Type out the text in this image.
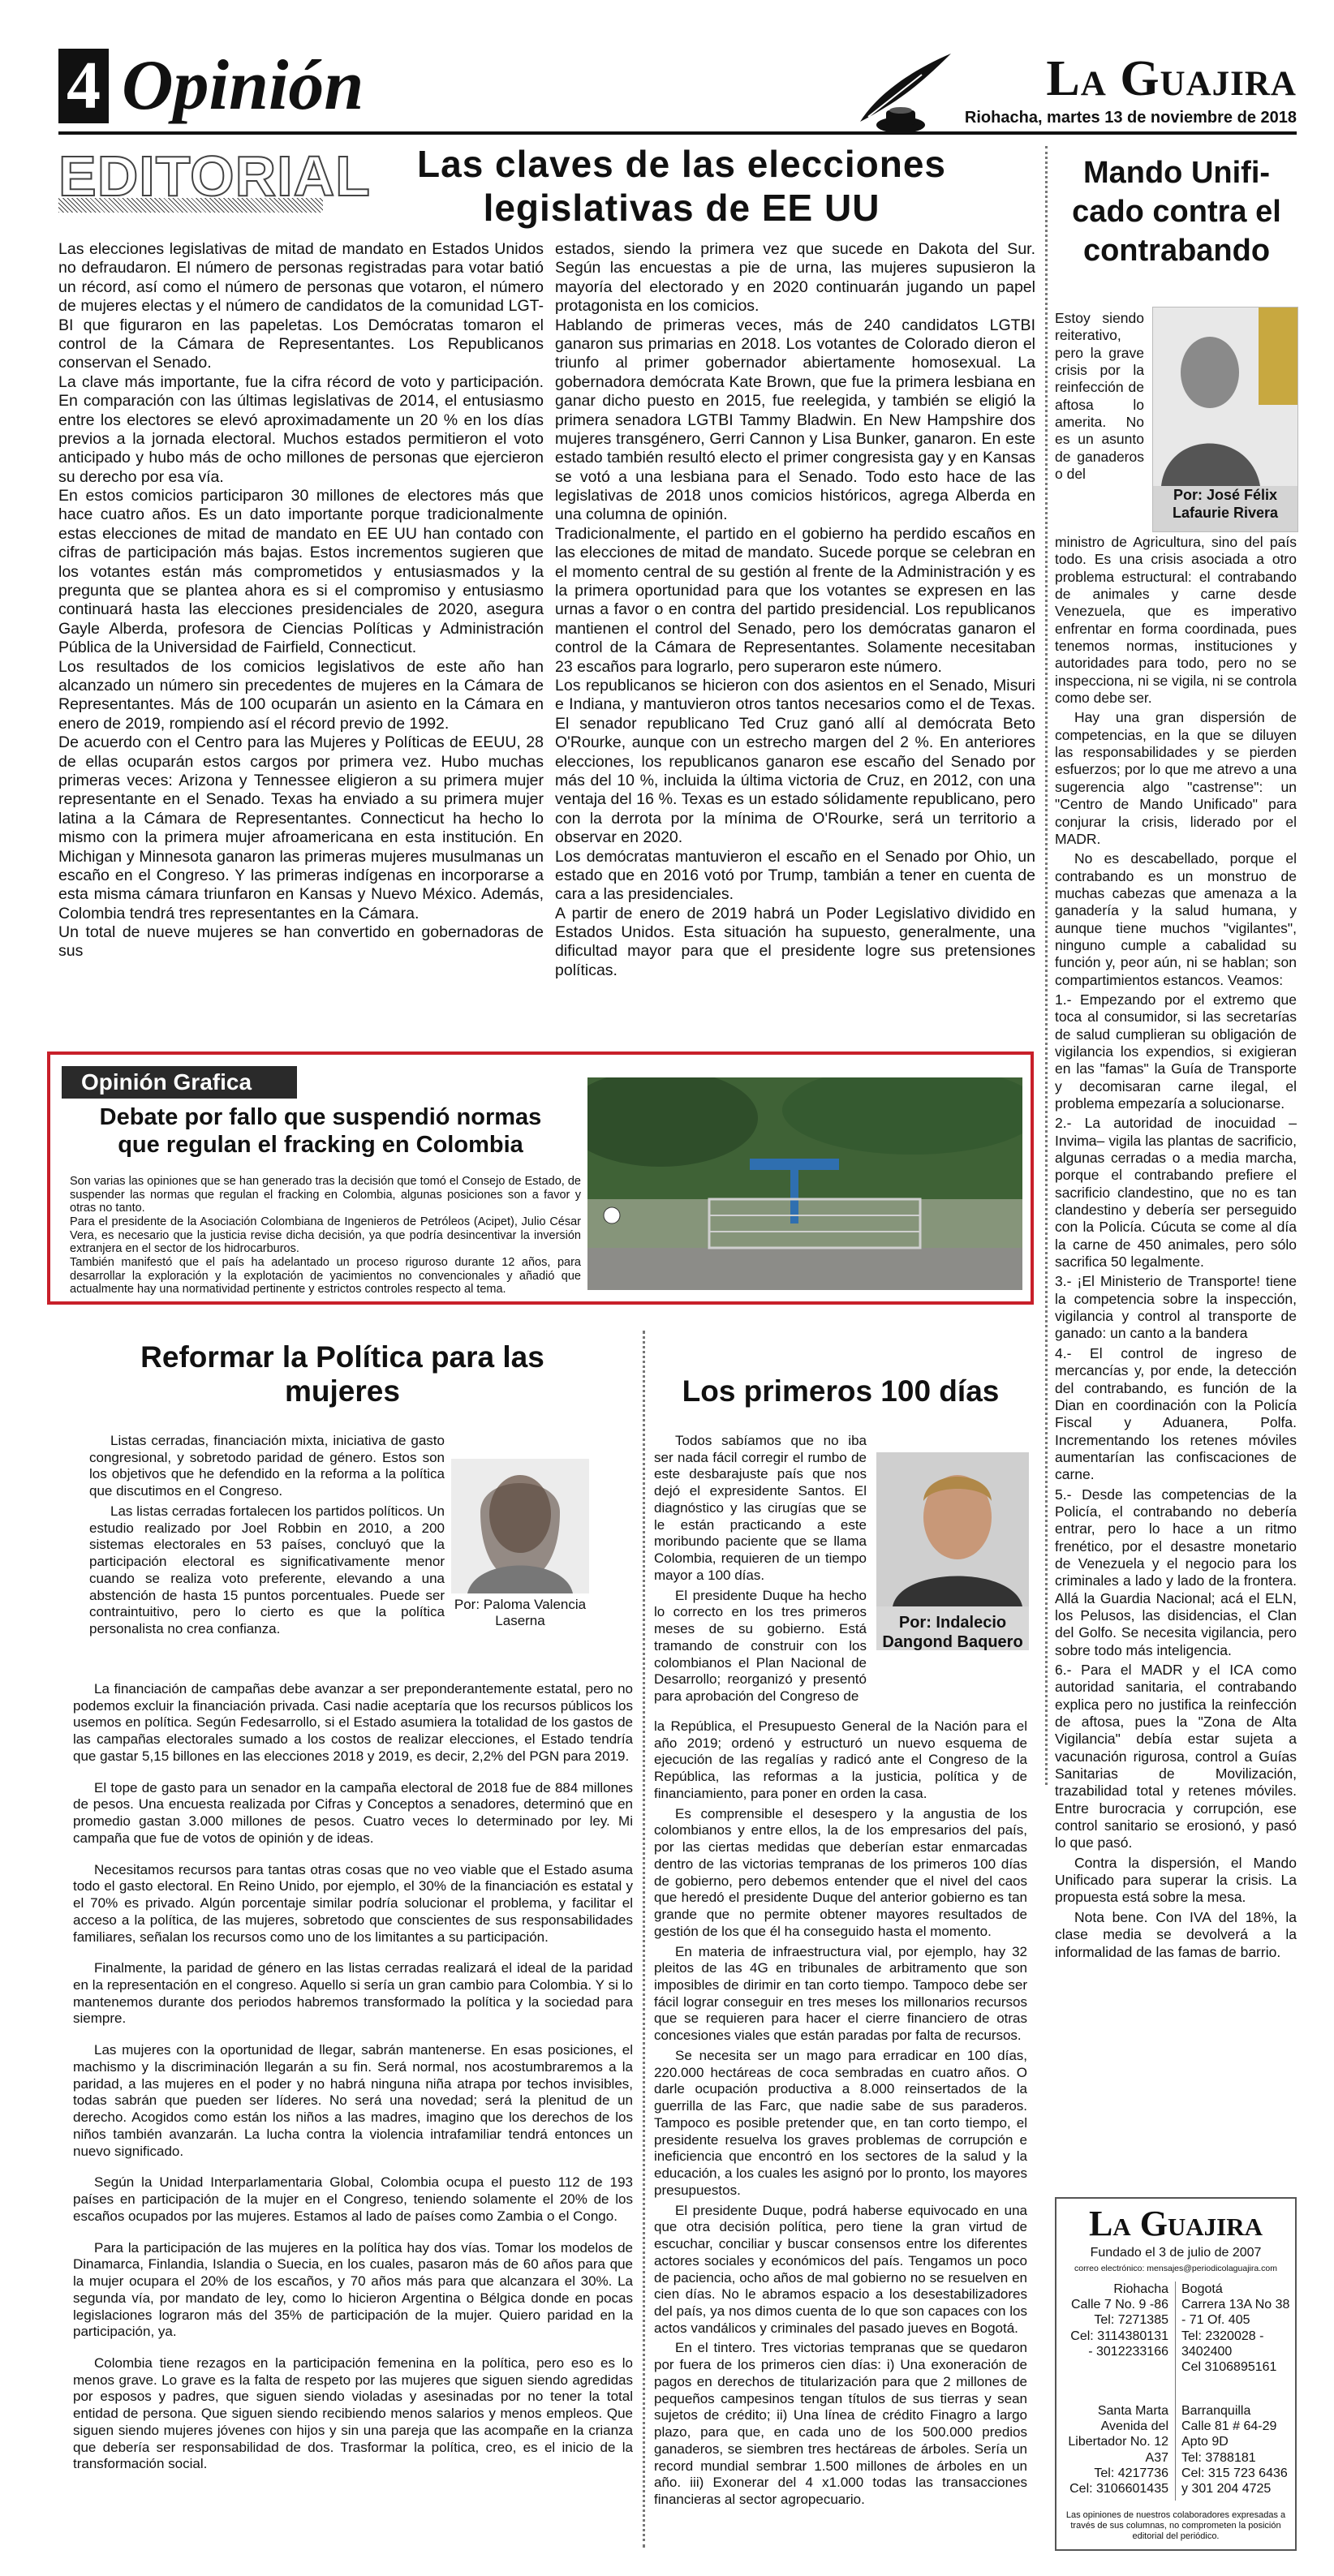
4 Opinión	La Guajira
Riohacha, martes 13 de noviembre de 2018
EDITORIAL	Las claves de las elecciones
legislativas de EE UU

Las elecciones legislativas de mitad de mandato en Estados Unidos no defraudaron. El número de personas registradas para votar batió un récord, así como el número de personas que votaron, el número de mujeres electas y el número de candidatos de la comunidad LGT-BI que figuraron en las papeletas. Los Demócratas tomaron el control de la Cámara de Representantes. Los Republicanos conservan el Senado.

La clave más importante, fue la cifra récord de voto y participación. En comparación con las últimas legislativas de 2014, el entusiasmo entre los electores se elevó aproximadamente un 20 % en los días previos a la jornada electoral. Muchos estados permitieron el voto anticipado y hubo más de ocho millones de personas que ejercieron su derecho por esa vía.

En estos comicios participaron 30 millones de electores más que hace cuatro años. Es un dato importante porque tradicionalmente estas elecciones de mitad de mandato en EE UU han contado con cifras de participación más bajas. Estos incrementos sugieren que los votantes están más comprometidos y entusiasmados y la pregunta que se plantea ahora es si el compromiso y entusiasmo continuará hasta las elecciones presidenciales de 2020, asegura Gayle Alberda, profesora de Ciencias Políticas y Administración Pública de la Universidad de Fairfield, Connecticut.

Los resultados de los comicios legislativos de este año han alcanzado un número sin precedentes de mujeres en la Cámara de Representantes. Más de 100 ocuparán un asiento en la Cámara en enero de 2019, rompiendo así el récord previo de 1992.

De acuerdo con el Centro para las Mujeres y Políticas de EEUU, 28 de ellas ocuparán estos cargos por primera vez. Hubo muchas primeras veces: Arizona y Tennessee eligieron a su primera mujer representante en el Senado. Texas ha enviado a su primera mujer latina a la Cámara de Representantes. Connecticut ha hecho lo mismo con la primera mujer afroamericana en esta institución. En Michigan y Minnesota ganaron las primeras mujeres musulmanas un escaño en el Congreso. Y las primeras indígenas en incorporarse a esta misma cámara triunfaron en Kansas y Nuevo México. Además, Colombia tendrá tres representantes en la Cámara.

Un total de nueve mujeres se han convertido en gobernadoras de sus

estados, siendo la primera vez que sucede en Dakota del Sur. Según las encuestas a pie de urna, las mujeres supusieron la mayoría del electorado y en 2020 continuarán jugando un papel protagonista en los comicios.

Hablando de primeras veces, más de 240 candidatos LGTBI ganaron sus primarias en 2018. Los votantes de Colorado dieron el triunfo al primer gobernador abiertamente homosexual. La gobernadora demócrata Kate Brown, que fue la primera lesbiana en ganar dicho puesto en 2015, fue reelegida, y también se eligió la primera senadora LGTBI Tammy Bladwin. En New Hampshire dos mujeres transgénero, Gerri Cannon y Lisa Bunker, ganaron. En este estado también resultó electo el primer congresista gay y en Kansas se votó a una lesbiana para el Senado. Todo esto hace de las legislativas de 2018 unos comicios históricos, agrega Alberda en una columna de opinión.

Tradicionalmente, el partido en el gobierno ha perdido escaños en las elecciones de mitad de mandato. Sucede porque se celebran en el momento central de su gestión al frente de la Administración y es la primera oportunidad para que los votantes se expresen en las urnas a favor o en contra del partido presidencial. Los republicanos mantienen el control del Senado, pero los demócratas ganaron el control de la Cámara de Representantes. Solamente necesitaban 23 escaños para lograrlo, pero superaron este número.

Los republicanos se hicieron con dos asientos en el Senado, Misuri e Indiana, y mantuvieron otros tantos necesarios como el de Texas. El senador republicano Ted Cruz ganó allí al demócrata Beto O'Rourke, aunque con un estrecho margen del 2 %. En anteriores elecciones, los republicanos ganaron ese escaño del Senado por más del 10 %, incluida la última victoria de Cruz, en 2012, con una ventaja del 16 %. Texas es un estado sólidamente republicano, pero con la derrota por la mínima de O'Rourke, será un territorio a observar en 2020.

Los demócratas mantuvieron el escaño en el Senado por Ohio, un estado que en 2016 votó por Trump, tambián a tener en cuenta de cara a las presidenciales.

A partir de enero de 2019 habrá un Poder Legislativo dividido en Estados Unidos. Esta situación ha supuesto, generalmente, una dificultad mayor para que el presidente logre sus pretensiones políticas.

Mando Unifi-
cado contra el
contrabando
Estoy siendo reiterativo, pero la grave crisis por la reinfección de aftosa lo amerita. No es un asunto de ganaderos o del
Por: José Félix Lafaurie Rivera

ministro de Agricultura, sino del país todo. Es una crisis asociada a otro problema estructural: el contrabando de animales y carne desde Venezuela, que es imperativo enfrentar en forma coordinada, pues tenemos normas, instituciones y autoridades para todo, pero no se inspecciona, ni se vigila, ni se controla como debe ser.

Hay una gran dispersión de competencias, en la que se diluyen las responsabilidades y se pierden esfuerzos; por lo que me atrevo a una sugerencia algo "castrense": un "Centro de Mando Unificado" para conjurar la crisis, liderado por el MADR.

No es descabellado, porque el contrabando es un monstruo de muchas cabezas que amenaza a la ganadería y la salud humana, y aunque tiene muchos "vigilantes", ninguno cumple a cabalidad su función y, peor aún, ni se hablan; son compartimientos estancos. Veamos:

1.- Empezando por el extremo que toca al consumidor, si las secretarías de salud cumplieran su obligación de vigilancia los expendios, si exigieran en las "famas" la Guía de Transporte y decomisaran carne ilegal, el problema empezaría a solucionarse.

2.- La autoridad de inocuidad –Invima– vigila las plantas de sacrificio, algunas cerradas o a media marcha, porque el contrabando prefiere el sacrificio clandestino, que no es tan clandestino y debería ser perseguido con la Policía. Cúcuta se come al día la carne de 450 animales, pero sólo sacrifica 50 legalmente.

3.- ¡El Ministerio de Transporte! tiene la competencia sobre la inspección, vigilancia y control al transporte de ganado: un canto a la bandera

4.- El control de ingreso de mercancías y, por ende, la detección del contrabando, es función de la Dian en coordinación con la Policía Fiscal y Aduanera, Polfa. Incrementando los retenes móviles aumentarían las confiscaciones de carne.

5.- Desde las competencias de la Policía, el contrabando no debería entrar, pero lo hace a un ritmo frenético, por el desastre monetario de Venezuela y el negocio para los criminales a lado y lado de la frontera. Allá la Guardia Nacional; acá el ELN, los Pelusos, las disidencias, el Clan del Golfo. Se necesita vigilancia, pero sobre todo más inteligencia.

6.- Para el MADR y el ICA como autoridad sanitaria, el contrabando explica pero no justifica la reinfección de aftosa, pues la "Zona de Alta Vigilancia" debía estar sujeta a vacunación rigurosa, control a Guías Sanitarias de Movilización, trazabilidad total y retenes móviles. Entre burocracia y corrupción, ese control sanitario se erosionó, y pasó lo que pasó.

Contra la dispersión, el Mando Unificado para superar la crisis. La propuesta está sobre la mesa.

Nota bene. Con IVA del 18%, la clase media se devolverá a la informalidad de las famas de barrio.

Opinión Grafica
Debate por fallo que suspendió normas
que regulan el fracking en Colombia

Son varias las opiniones que se han generado tras la decisión que tomó el Consejo de Estado, de suspender las normas que regulan el fracking en Colombia, algunas posiciones son a favor y otras no tanto.

Para el presidente de la Asociación Colombiana de Ingenieros de Petróleos (Acipet), Julio César Vera, es necesario que la justicia revise dicha decisión, ya que podría desincentivar la inversión extranjera en el sector de los hidrocarburos.

También manifestó que el país ha adelantado un proceso riguroso durante 12 años, para desarrollar la exploración y la explotación de yacimientos no convencionales y añadió que actualmente hay una normatividad pertinente y estrictos controles respecto al tema.

Reformar la Política para las
mujeres

Listas cerradas, financiación mixta, iniciativa de gasto congresional, y sobretodo paridad de género. Estos son los objetivos que he defendido en la reforma a la política que discutimos en el Congreso.

Las listas cerradas fortalecen los partidos políticos. Un estudio realizado por Joel Robbin en 2010, a 200 sistemas electorales en 53 países, concluyó que la participación electoral es significativamente menor cuando se realiza voto preferente, elevando a una abstención de hasta 15 puntos porcentuales. Puede ser contraintuitivo, pero lo cierto es que la política personalista no crea confianza.

Por: Paloma Valencia Laserna

La financiación de campañas debe avanzar a ser preponderantemente estatal, pero no podemos excluir la financiación privada. Casi nadie aceptaría que los recursos públicos los usemos en política. Según Fedesarrollo, si el Estado asumiera la totalidad de los gastos de las campañas electorales sumado a los costos de realizar elecciones, el Estado tendría que gastar 5,15 billones en las elecciones 2018 y 2019, es decir, 2,2% del PGN para 2019.

El tope de gasto para un senador en la campaña electoral de 2018 fue de 884 millones de pesos. Una encuesta realizada por Cifras y Conceptos a senadores, determinó que en promedio gastan 3.000 millones de pesos. Cuatro veces lo determinado por ley. Mi campaña que fue de votos de opinión y de ideas.

Necesitamos recursos para tantas otras cosas que no veo viable que el Estado asuma todo el gasto electoral. En Reino Unido, por ejemplo, el 30% de la financiación es estatal y el 70% es privado. Algún porcentaje similar podría solucionar el problema, y facilitar el acceso a la política, de las mujeres, sobretodo que conscientes de sus responsabilidades familiares, señalan los recursos como uno de los limitantes a su participación.

Finalmente, la paridad de género en las listas cerradas realizará el ideal de la paridad en la representación en el congreso. Aquello si sería un gran cambio para Colombia. Y si lo mantenemos durante dos periodos habremos transformado la política y la sociedad para siempre.

Las mujeres con la oportunidad de llegar, sabrán mantenerse. En esas posiciones, el machismo y la discriminación llegarán a su fin. Será normal, nos acostumbraremos a la paridad, a las mujeres en el poder y no habrá ninguna niña atrapa por techos invisibles, todas sabrán que pueden ser líderes. No será una novedad; será la plenitud de un derecho. Acogidos como están los niños a las madres, imagino que los derechos de los niños también avanzarán. La lucha contra la violencia intrafamiliar tendrá entonces un nuevo significado.

Según la Unidad Interparlamentaria Global, Colombia ocupa el puesto 112 de 193 países en participación de la mujer en el Congreso, teniendo solamente el 20% de los escaños ocupados por las mujeres. Estamos al lado de países como Zambia o el Congo.

Para la participación de las mujeres en la política hay dos vías. Tomar los modelos de Dinamarca, Finlandia, Islandia o Suecia, en los cuales, pasaron más de 60 años para que la mujer ocupara el 20% de los escaños, y 70 años más para que alcanzara el 30%. La segunda vía, por mandato de ley, como lo hicieron Argentina o Bélgica donde en pocas legislaciones lograron más del 35% de participación de la mujer. Quiero paridad en la participación, ya.

Colombia tiene rezagos en la participación femenina en la política, pero eso es lo menos grave. Lo grave es la falta de respeto por las mujeres que siguen siendo agredidas por esposos y padres, que siguen siendo violadas y asesinadas por no tener la total entidad de persona. Que siguen siendo recibiendo menos salarios y menos empleos. Que siguen siendo mujeres jóvenes con hijos y sin una pareja que las acompañe en la crianza que debería ser responsabilidad de dos. Trasformar la política, creo, es el inicio de la transformación social.

Los primeros 100 días

Todos sabíamos que no iba ser nada fácil corregir el rumbo de este desbarajuste país que nos dejó el expresidente Santos. El diagnóstico y las cirugías que se le están practicando a este moribundo paciente que se llama Colombia, requieren de un tiempo mayor a 100 días.

El presidente Duque ha hecho lo correcto en los tres primeros meses de su gobierno. Está tramando de construir con los colombianos el Plan Nacional de Desarrollo; reorganizó y presentó para aprobación del Congreso de

Por: Indalecio Dangond Baquero

la República, el Presupuesto General de la Nación para el año 2019; ordenó y estructuró un nuevo esquema de ejecución de las regalías y radicó ante el Congreso de la República, las reformas a la justicia, política y de financiamiento, para poner en orden la casa.

Es comprensible el desespero y la angustia de los colombianos y entre ellos, la de los empresarios del país, por las ciertas medidas que deberían estar enmarcadas dentro de las victorias tempranas de los primeros 100 días de gobierno, pero debemos entender que el nivel del caos que heredó el presidente Duque del anterior gobierno es tan grande que no permite obtener mayores resultados de gestión de los que él ha conseguido hasta el momento.

En materia de infraestructura vial, por ejemplo, hay 32 pleitos de las 4G en tribunales de arbitramento que son imposibles de dirimir en tan corto tiempo. Tampoco debe ser fácil lograr conseguir en tres meses los millonarios recursos que se requieren para hacer el cierre financiero de otras concesiones viales que están paradas por falta de recursos.

Se necesita ser un mago para erradicar en 100 días, 220.000 hectáreas de coca sembradas en cuatro años. O darle ocupación productiva a 8.000 reinsertados de la guerrilla de las Farc, que nadie sabe de sus paraderos. Tampoco es posible pretender que, en tan corto tiempo, el presidente resuelva los graves problemas de corrupción e ineficiencia que encontró en los sectores de la salud y la educación, a los cuales les asignó por lo pronto, los mayores presupuestos.

El presidente Duque, podrá haberse equivocado en una que otra decisión política, pero tiene la gran virtud de escuchar, conciliar y buscar consensos entre los diferentes actores sociales y económicos del país. Tengamos un poco de paciencia, ocho años de mal gobierno no se resuelven en cien días. No le abramos espacio a los desestabilizadores del país, ya nos dimos cuenta de lo que son capaces con los actos vandálicos y criminales del pasado jueves en Bogotá.

En el tintero. Tres victorias tempranas que se quedaron por fuera de los primeros cien días: i) Una exoneración de pagos en derechos de titularización para que 2 millones de pequeños campesinos tengan títulos de sus tierras y sean sujetos de crédito; ii) Una línea de crédito Finagro a largo plazo, para que, en cada uno de los 500.000 predios ganaderos, se siembren tres hectáreas de árboles. Sería un record mundial sembrar 1.500 millones de árboles en un año. iii) Exonerar del 4 x1.000 todas las transacciones financieras al sector agropecuario.

La Guajira
Fundado el 3 de julio de 2007
correo electrónico: mensajes@periodicolaguajira.com
Riohacha
Calle 7 No. 9 -86
Tel: 7271385
Cel: 3114380131 - 3012233166
Bogotá
Carrera 13A No 38 - 71 Of. 405
Tel: 2320028 - 3402400
Cel 3106895161
Santa Marta
Avenida del Libertador No. 12 A37
Tel: 4217736
Cel: 3106601435
Barranquilla
Calle 81 # 64-29 Apto 9D
Tel: 3788181
Cel: 315 723 6436 y 301 204 4725
Las opiniones de nuestros colaboradores expresadas a través de sus columnas, no comprometen la posición editorial del periódico.
